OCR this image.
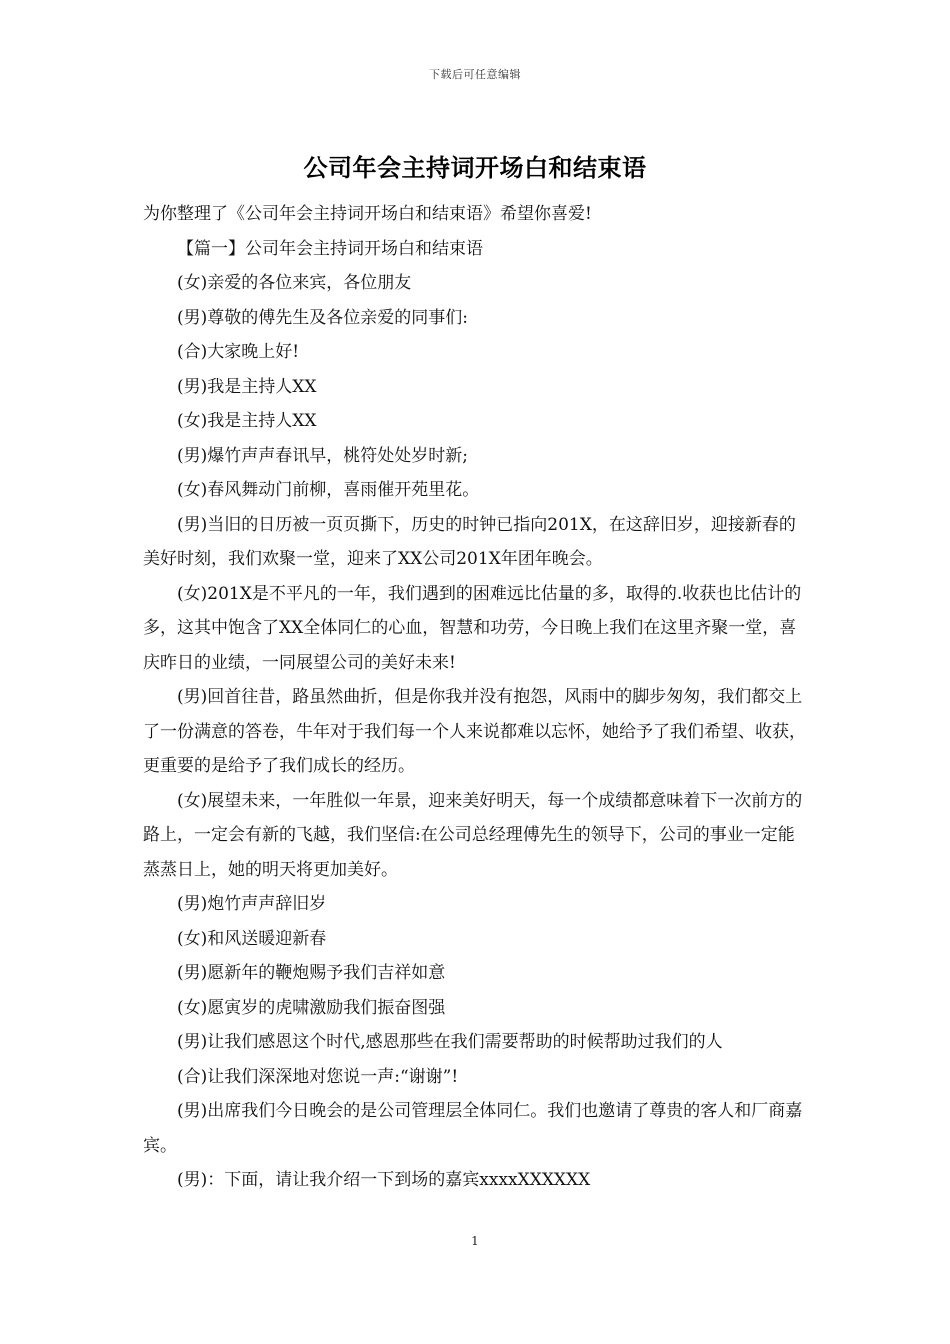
下载后可任意编辑
公司年会主持词开场白和结束语

为你整理了《公司年会主持词开场白和结束语》希望你喜爱!

【篇一】公司年会主持词开场白和结束语

(女)亲爱的各位来宾，各位朋友

(男)尊敬的傅先生及各位亲爱的同事们:

(合)大家晚上好!

(男)我是主持人XX

(女)我是主持人XX

(男)爆竹声声春讯早，桃符处处岁时新;

(女)春风舞动门前柳，喜雨催开苑里花。

(男)当旧的日历被一页页撕下，历史的时钟已指向201X，在这辞旧岁，迎接新春的美好时刻，我们欢聚一堂，迎来了XX公司201X年团年晚会。

(女)201X是不平凡的一年，我们遇到的困难远比估量的多，取得的.收获也比估计的多，这其中饱含了XX全体同仁的心血，智慧和功劳，今日晚上我们在这里齐聚一堂，喜庆昨日的业绩，一同展望公司的美好未来!

(男)回首往昔，路虽然曲折，但是你我并没有抱怨，风雨中的脚步匆匆，我们都交上了一份满意的答卷，牛年对于我们每一个人来说都难以忘怀，她给予了我们希望、收获，更重要的是给予了我们成长的经历。

(女)展望未来，一年胜似一年景，迎来美好明天，每一个成绩都意味着下一次前方的路上，一定会有新的飞越，我们坚信:在公司总经理傅先生的领导下，公司的事业一定能蒸蒸日上，她的明天将更加美好。

(男)炮竹声声辞旧岁

(女)和风送暖迎新春

(男)愿新年的鞭炮赐予我们吉祥如意

(女)愿寅岁的虎啸激励我们振奋图强

(男)让我们感恩这个时代,感恩那些在我们需要帮助的时候帮助过我们的人

(合)让我们深深地对您说一声:“谢谢”!

(男)出席我们今日晚会的是公司管理层全体同仁。我们也邀请了尊贵的客人和厂商嘉宾。

(男)：下面，请让我介绍一下到场的嘉宾xxxxXXXXXX

1
